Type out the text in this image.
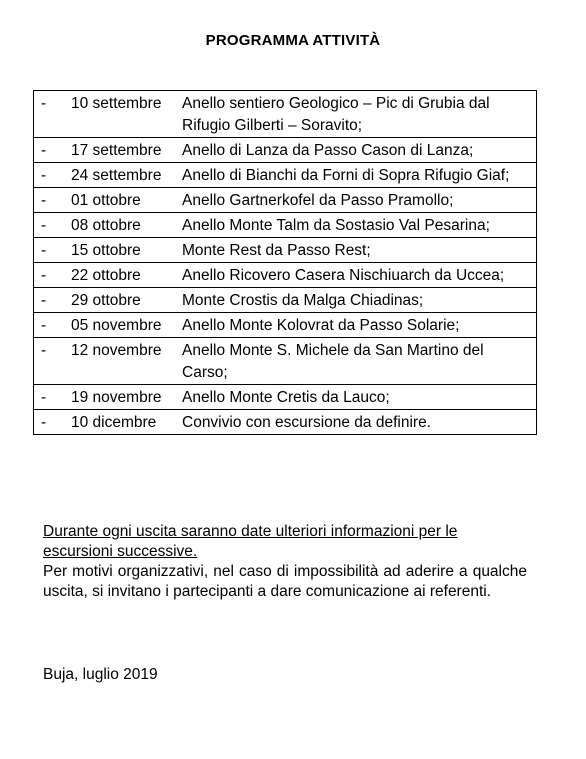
PROGRAMMA ATTIVITÀ
-	10 settembre	Anello sentiero Geologico – Pic di Grubia dal Rifugio Gilberti – Soravito;
-	17 settembre	Anello di Lanza da Passo Cason di Lanza;
-	24 settembre	Anello di Bianchi da Forni di Sopra Rifugio Giaf;
-	01 ottobre	Anello Gartnerkofel da Passo Pramollo;
-	08 ottobre	Anello Monte Talm da Sostasio Val Pesarina;
-	15 ottobre	Monte Rest da Passo Rest;
-	22 ottobre	Anello Ricovero Casera Nischiuarch da Uccea;
-	29 ottobre	Monte Crostis da Malga Chiadinas;
-	05 novembre	Anello Monte Kolovrat da Passo Solarie;
-	12 novembre	Anello Monte S. Michele da San Martino del Carso;
-	19 novembre	Anello Monte Cretis da Lauco;
-	10 dicembre	Convivio con escursione da definire.
Durante ogni uscita saranno date ulteriori informazioni per le escursioni successive.
Per motivi organizzativi, nel caso di impossibilità ad aderire a qualche uscita, si invitano i partecipanti a dare comunicazione ai referenti.
Buja, luglio 2019
